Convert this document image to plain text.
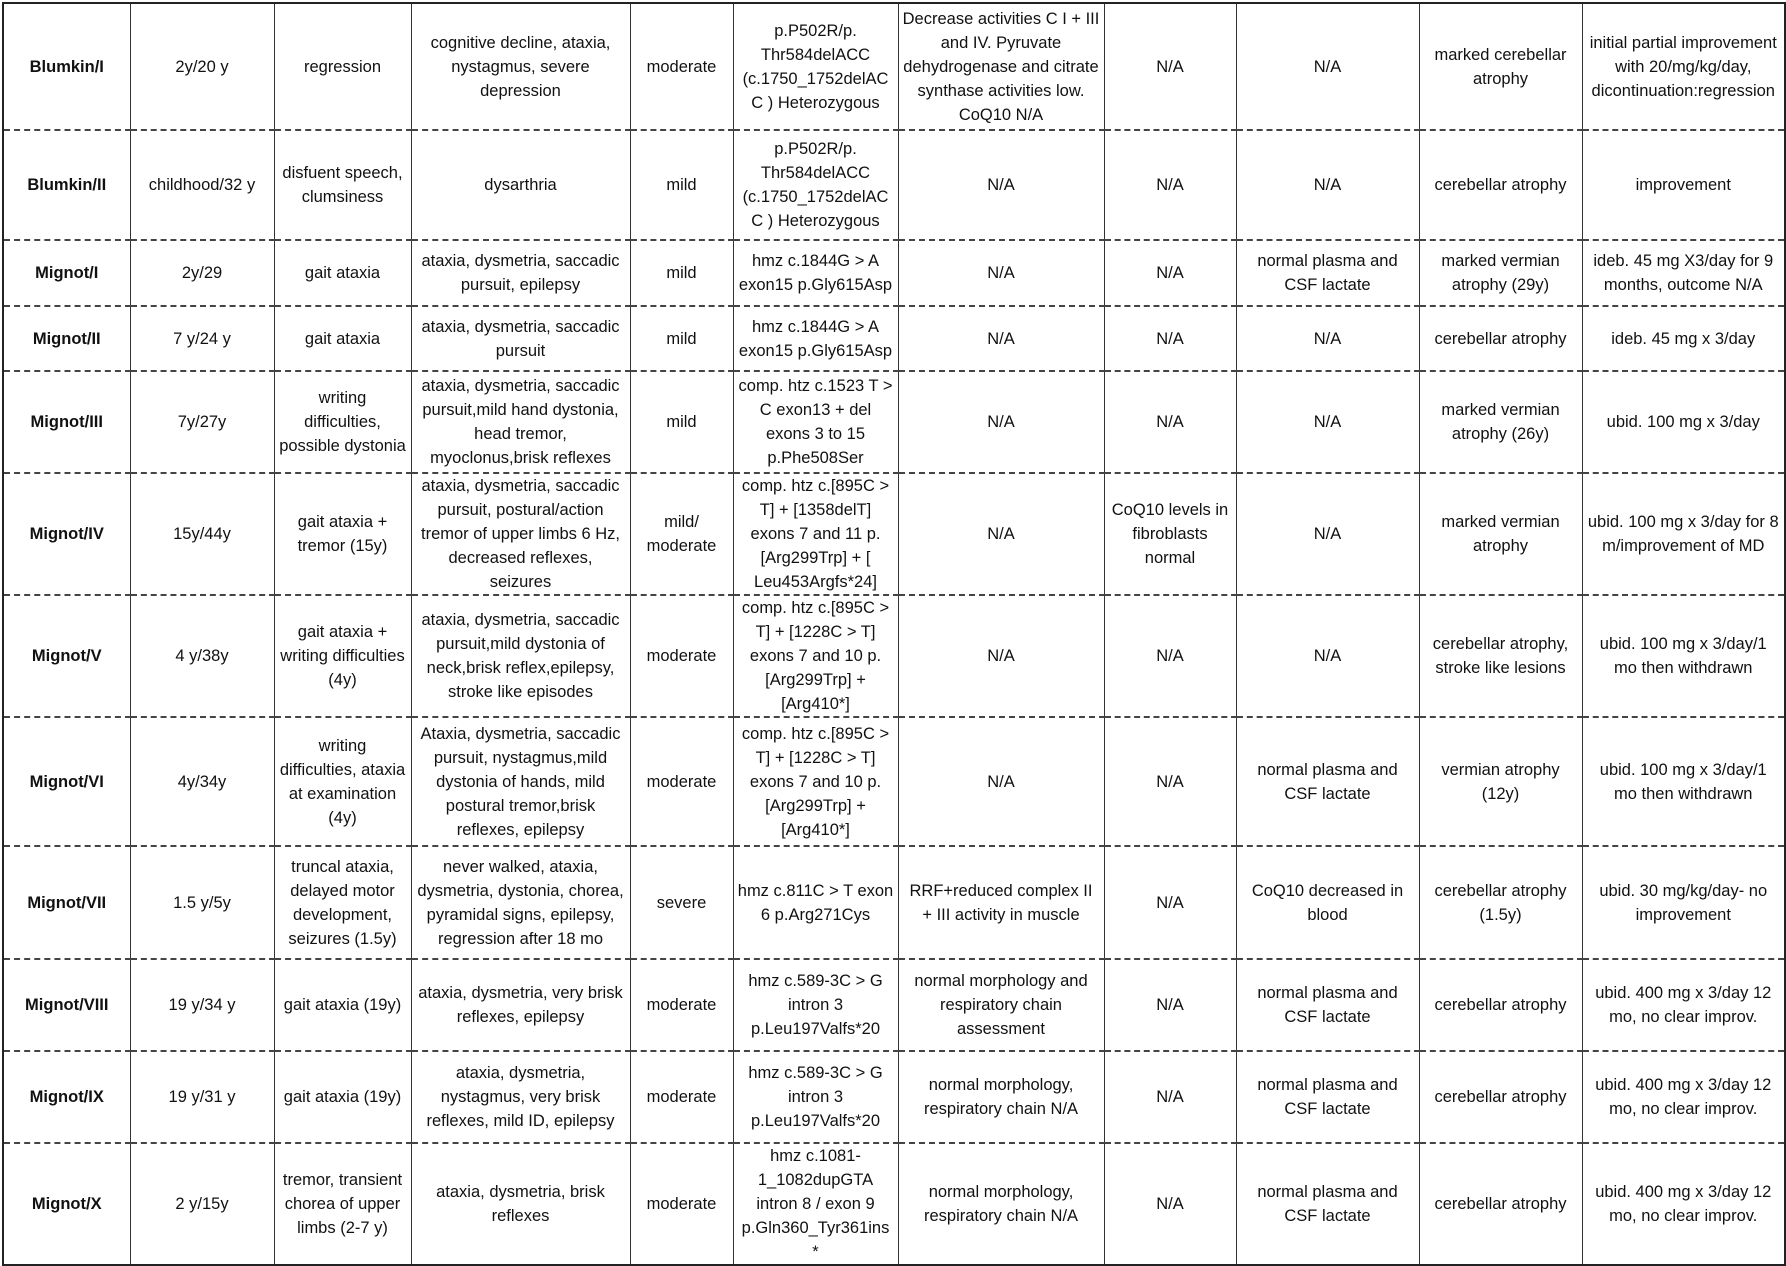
Blumkin/I	2y/20 y	regression	cognitive decline, ataxia, nystagmus, severe depression	moderate	p.P502R/p. Thr584delACC (c.1750_1752delACC ) Heterozygous	Decrease activities C I + III and IV. Pyruvate dehydrogenase and citrate synthase activities low. CoQ10 N/A	N/A	N/A	marked cerebellar atrophy	initial partial improvement with 20/mg/kg/day, dicontinuation:regression
Blumkin/II	childhood/32 y	disfuent speech, clumsiness	dysarthria	mild	p.P502R/p. Thr584delACC (c.1750_1752delACC ) Heterozygous	N/A	N/A	N/A	cerebellar atrophy	improvement
Mignot/I	2y/29	gait ataxia	ataxia, dysmetria, saccadic pursuit, epilepsy	mild	hmz c.1844G > A exon15 p.Gly615Asp	N/A	N/A	normal plasma and CSF lactate	marked vermian atrophy (29y)	ideb. 45 mg X3/day for 9 months, outcome N/A
Mignot/II	7 y/24 y	gait ataxia	ataxia, dysmetria, saccadic pursuit	mild	hmz c.1844G > A exon15 p.Gly615Asp	N/A	N/A	N/A	cerebellar atrophy	ideb. 45 mg x 3/day
Mignot/III	7y/27y	writing difficulties, possible dystonia	ataxia, dysmetria, saccadic pursuit,mild hand dystonia, head tremor, myoclonus,brisk reflexes	mild	comp. htz c.1523 T > C exon13 + del exons 3 to 15 p.Phe508Ser	N/A	N/A	N/A	marked vermian atrophy (26y)	ubid. 100 mg x 3/day
Mignot/IV	15y/44y	gait ataxia + tremor (15y)	ataxia, dysmetria, saccadic pursuit, postural/action tremor of upper limbs 6 Hz, decreased reflexes, seizures	mild/ moderate	comp. htz c.[895C > T] + [1358delT] exons 7 and 11 p.[Arg299Trp] + [ Leu453Argfs*24]	N/A	CoQ10 levels in fibroblasts normal	N/A	marked vermian atrophy	ubid. 100 mg x 3/day for 8 m/improvement of MD
Mignot/V	4 y/38y	gait ataxia + writing difficulties (4y)	ataxia, dysmetria, saccadic pursuit,mild dystonia of neck,brisk reflex,epilepsy, stroke like episodes	moderate	comp. htz c.[895C > T] + [1228C > T] exons 7 and 10 p.[Arg299Trp] + [Arg410*]	N/A	N/A	N/A	cerebellar atrophy, stroke like lesions	ubid. 100 mg x 3/day/1 mo then withdrawn
Mignot/VI	4y/34y	writing difficulties, ataxia at examination (4y)	Ataxia, dysmetria, saccadic pursuit, nystagmus,mild dystonia of hands, mild postural tremor,brisk reflexes, epilepsy	moderate	comp. htz c.[895C > T] + [1228C > T] exons 7 and 10 p.[Arg299Trp] + [Arg410*]	N/A	N/A	normal plasma and CSF lactate	vermian atrophy (12y)	ubid. 100 mg x 3/day/1 mo then withdrawn
Mignot/VII	1.5 y/5y	truncal ataxia, delayed motor development, seizures (1.5y)	never walked, ataxia, dysmetria, dystonia, chorea, pyramidal signs, epilepsy, regression after 18 mo	severe	hmz c.811C > T exon 6 p.Arg271Cys	RRF+reduced complex II + III activity in muscle	N/A	CoQ10 decreased in blood	cerebellar atrophy (1.5y)	ubid. 30 mg/kg/day- no improvement
Mignot/VIII	19 y/34 y	gait ataxia (19y)	ataxia, dysmetria, very brisk reflexes, epilepsy	moderate	hmz c.589-3C > G intron 3 p.Leu197Valfs*20	normal morphology and respiratory chain assessment	N/A	normal plasma and CSF lactate	cerebellar atrophy	ubid. 400 mg x 3/day 12 mo, no clear improv.
Mignot/IX	19 y/31 y	gait ataxia (19y)	ataxia, dysmetria, nystagmus, very brisk reflexes, mild ID, epilepsy	moderate	hmz c.589-3C > G intron 3 p.Leu197Valfs*20	normal morphology, respiratory chain N/A	N/A	normal plasma and CSF lactate	cerebellar atrophy	ubid. 400 mg x 3/day 12 mo, no clear improv.
Mignot/X	2 y/15y	tremor, transient chorea of upper limbs (2-7 y)	ataxia, dysmetria, brisk reflexes	moderate	hmz c.1081-1_1082dupGTA intron 8 / exon 9 p.Gln360_Tyr361ins *	normal morphology, respiratory chain N/A	N/A	normal plasma and CSF lactate	cerebellar atrophy	ubid. 400 mg x 3/day 12 mo, no clear improv.
